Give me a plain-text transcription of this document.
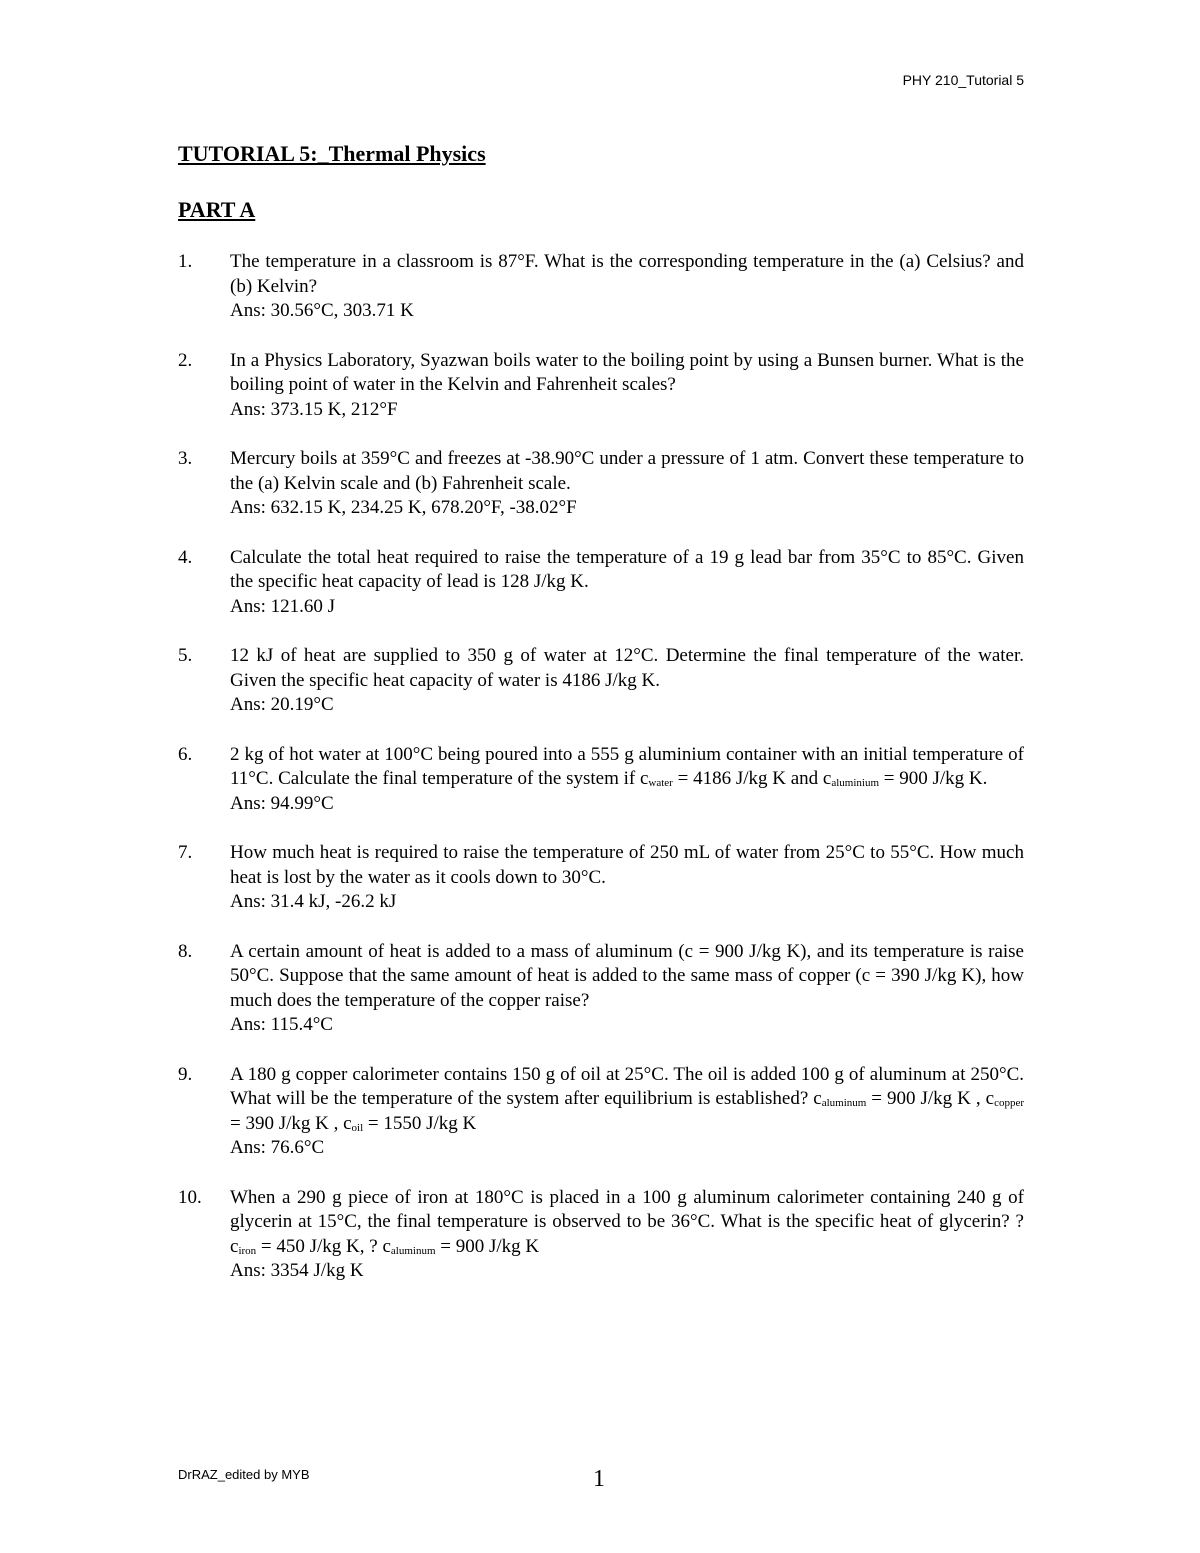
PHY 210_Tutorial 5
TUTORIAL 5:_Thermal Physics
PART A
1. The temperature in a classroom is 87°F. What is the corresponding temperature in the (a) Celsius? and (b) Kelvin?
Ans: 30.56°C, 303.71 K
2. In a Physics Laboratory, Syazwan boils water to the boiling point by using a Bunsen burner. What is the boiling point of water in the Kelvin and Fahrenheit scales?
Ans: 373.15 K, 212°F
3. Mercury boils at 359°C and freezes at -38.90°C under a pressure of 1 atm. Convert these temperature to the (a) Kelvin scale and (b) Fahrenheit scale.
Ans: 632.15 K, 234.25 K, 678.20°F, -38.02°F
4. Calculate the total heat required to raise the temperature of a 19 g lead bar from 35°C to 85°C. Given the specific heat capacity of lead is 128 J/kg K.
Ans: 121.60 J
5. 12 kJ of heat are supplied to 350 g of water at 12°C. Determine the final temperature of the water. Given the specific heat capacity of water is 4186 J/kg K.
Ans: 20.19°C
6. 2 kg of hot water at 100°C being poured into a 555 g aluminium container with an initial temperature of 11°C. Calculate the final temperature of the system if $c_{water} = 4186$ J/kg K and $c_{aluminium} = 900$ J/kg K.
Ans: 94.99°C
7. How much heat is required to raise the temperature of 250 mL of water from 25°C to 55°C. How much heat is lost by the water as it cools down to 30°C.
Ans: 31.4 kJ, -26.2 kJ
8. A certain amount of heat is added to a mass of aluminum (c = 900 J/kg K), and its temperature is raise 50°C. Suppose that the same amount of heat is added to the same mass of copper (c = 390 J/kg K), how much does the temperature of the copper raise?
Ans: 115.4°C
9. A 180 g copper calorimeter contains 150 g of oil at 25°C. The oil is added 100 g of aluminum at 250°C. What will be the temperature of the system after equilibrium is established? $c_{aluminum} = 900$ J/kg K , $c_{copper} = 390$ J/kg K , $c_{oil} = 1550$ J/kg K
Ans: 76.6°C
10. When a 290 g piece of iron at 180°C is placed in a 100 g aluminum calorimeter containing 240 g of glycerin at 15°C, the final temperature is observed to be 36°C. What is the specific heat of glycerin? ? $c_{iron} = 450$ J/kg K, ? $c_{aluminum} = 900$ J/kg K
Ans: 3354 J/kg K
DrRAZ_edited by MYB	1
